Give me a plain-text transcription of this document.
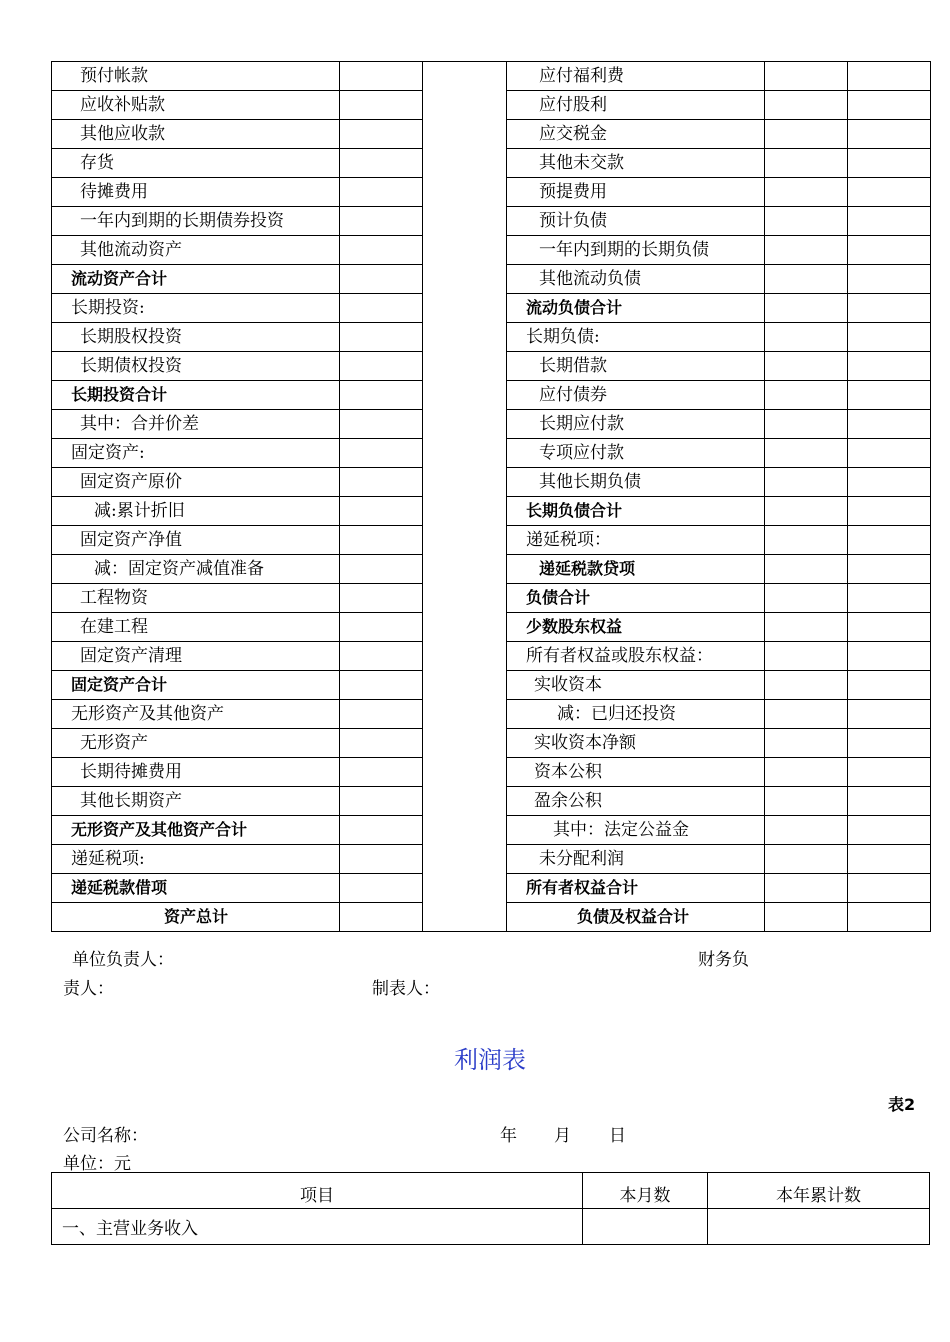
预付帐款			应付福利费		
应收补贴款			应付股利		
其他应收款			应交税金		
存货			其他未交款		
待摊费用			预提费用		
一年内到期的长期债券投资			预计负债		
其他流动资产			一年内到期的长期负债		
流动资产合计			其他流动负债		
长期投资:			流动负债合计		
长期股权投资			长期负债:		
长期债权投资			长期借款		
长期投资合计			应付债券		
其中：合并价差			长期应付款		
固定资产:			专项应付款		
固定资产原价			其他长期负债		
减:累计折旧			长期负债合计		
固定资产净值			递延税项：		
减：固定资产减值准备			递延税款贷项		
工程物资			负债合计		
在建工程			少数股东权益		
固定资产清理			所有者权益或股东权益：		
固定资产合计			实收资本		
无形资产及其他资产			减：已归还投资		
无形资产			实收资本净额		
长期待摊费用			资本公积		
其他长期资产			盈余公积		
无形资产及其他资产合计			其中：法定公益金		
递延税项:			未分配利润		
递延税款借项			所有者权益合计		
资产总计			负债及权益合计		
单位负责人：	财务负
责人：	制表人：
利润表
表2
公司名称：	年 月 日
单位：元
项目	本月数	本年累计数
一、主营业务收入		
